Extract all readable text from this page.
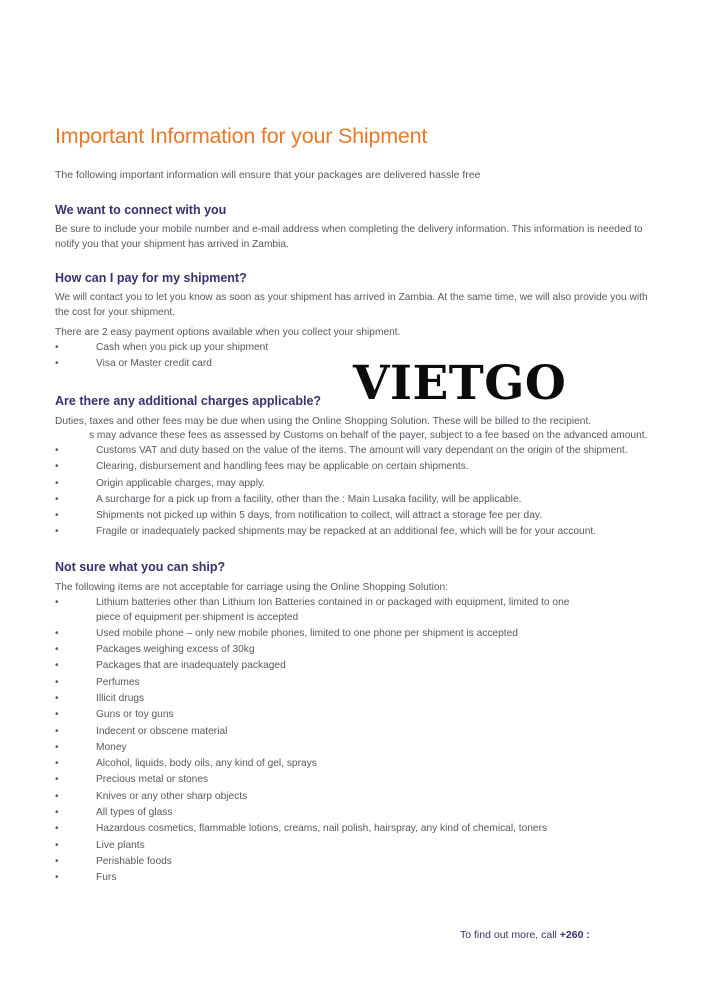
Important Information for your Shipment
The following important information will ensure that your packages are delivered hassle free
We want to connect with you
Be sure to include your mobile number and e-mail address when completing the delivery information. This information is needed to notify you that your shipment has arrived in Zambia.
How can I pay for my shipment?
We will contact you to let you know as soon as your shipment has arrived in Zambia. At the same time, we will also provide you with the cost for your shipment.
There are 2 easy payment options available when you collect your shipment.
•	Cash when you pick up your shipment
•	Visa or Master credit card	VIETGO
Are there any additional charges applicable?
Duties, taxes and other fees may be due when using the Online Shopping Solution. These will be billed to the recipient.
s may advance these fees as assessed by Customs on behalf of the payer, subject to a fee based on the advanced amount.
•	Customs VAT and duty based on the value of the items. The amount will vary dependant on the origin of the shipment.
•	Clearing, disbursement and handling fees may be applicable on certain shipments.
•	Origin applicable charges, may apply.
•	A surcharge for a pick up from a facility, other than the : Main Lusaka facility, will be applicable.
•	Shipments not picked up within 5 days, from notification to collect, will attract a storage fee per day.
•	Fragile or inadequately packed shipments may be repacked at an additional fee, which will be for your account.
Not sure what you can ship?
The following items are not acceptable for carriage using the Online Shopping Solution:
•	Lithium batteries other than Lithium Ion Batteries contained in or packaged with equipment, limited to one piece of equipment per shipment is accepted
•	Used mobile phone – only new mobile phones, limited to one phone per shipment is accepted
•	Packages weighing excess of 30kg
•	Packages that are inadequately packaged
•	Perfumes
•	Illicit drugs
•	Guns or toy guns
•	Indecent or obscene material
•	Money
•	Alcohol, liquids, body oils, any kind of gel, sprays
•	Precious metal or stones
•	Knives or any other sharp objects
•	All types of glass
•	Hazardous cosmetics, flammable lotions, creams, nail polish, hairspray, any kind of chemical, toners
•	Live plants
•	Perishable foods
•	Furs
To find out more, call +260 :
